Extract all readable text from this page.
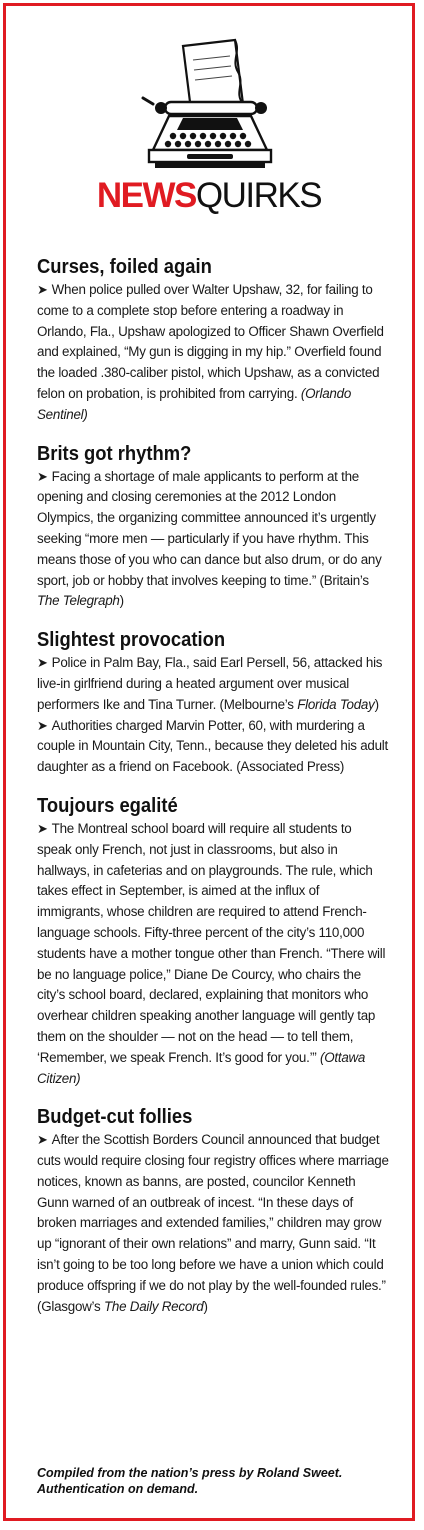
NEWSQUIRKS
Curses, foiled again

➤ When police pulled over Walter Upshaw, 32, for failing to come to a complete stop before entering a roadway in Orlando, Fla., Upshaw apologized to Officer Shawn Overfield and explained, “My gun is digging in my hip.” Overfield found the loaded .380-caliber pistol, which Upshaw, as a convicted felon on probation, is prohibited from carrying. (Orlando Sentinel)

Brits got rhythm?

➤ Facing a shortage of male applicants to perform at the opening and closing ceremonies at the 2012 London Olympics, the organizing committee announced it’s urgently seeking “more men — particularly if you have rhythm. This means those of you who can dance but also drum, or do any sport, job or hobby that involves keeping to time.” (Britain’s The Telegraph)

Slightest provocation

➤ Police in Palm Bay, Fla., said Earl Persell, 56, attacked his live-in girlfriend during a heated argument over musical performers Ike and Tina Turner. (Melbourne’s Florida Today)

➤ Authorities charged Marvin Potter, 60, with murdering a couple in Mountain City, Tenn., because they deleted his adult daughter as a friend on Facebook. (Associated Press)

Toujours egalité

➤ The Montreal school board will require all students to speak only French, not just in classrooms, but also in hallways, in cafeterias and on playgrounds. The rule, which takes effect in September, is aimed at the influx of immigrants, whose children are required to attend French-language schools. Fifty-three percent of the city’s 110,000 students have a mother tongue other than French. “There will be no language police,” Diane De Courcy, who chairs the city’s school board, declared, explaining that monitors who overhear children speaking another language will gently tap them on the shoulder — not on the head — to tell them, ‘Remember, we speak French. It’s good for you.’” (Ottawa Citizen)

Budget-cut follies

➤ After the Scottish Borders Council announced that budget cuts would require closing four registry offices where marriage notices, known as banns, are posted, councilor Kenneth Gunn warned of an outbreak of incest. “In these days of broken marriages and extended families,” children may grow up “ignorant of their own relations” and marry, Gunn said. “It isn’t going to be too long before we have a union which could produce offspring if we do not play by the well-founded rules.” (Glasgow’s The Daily Record)

Compiled from the nation’s press by Roland Sweet.
Authentication on demand.
